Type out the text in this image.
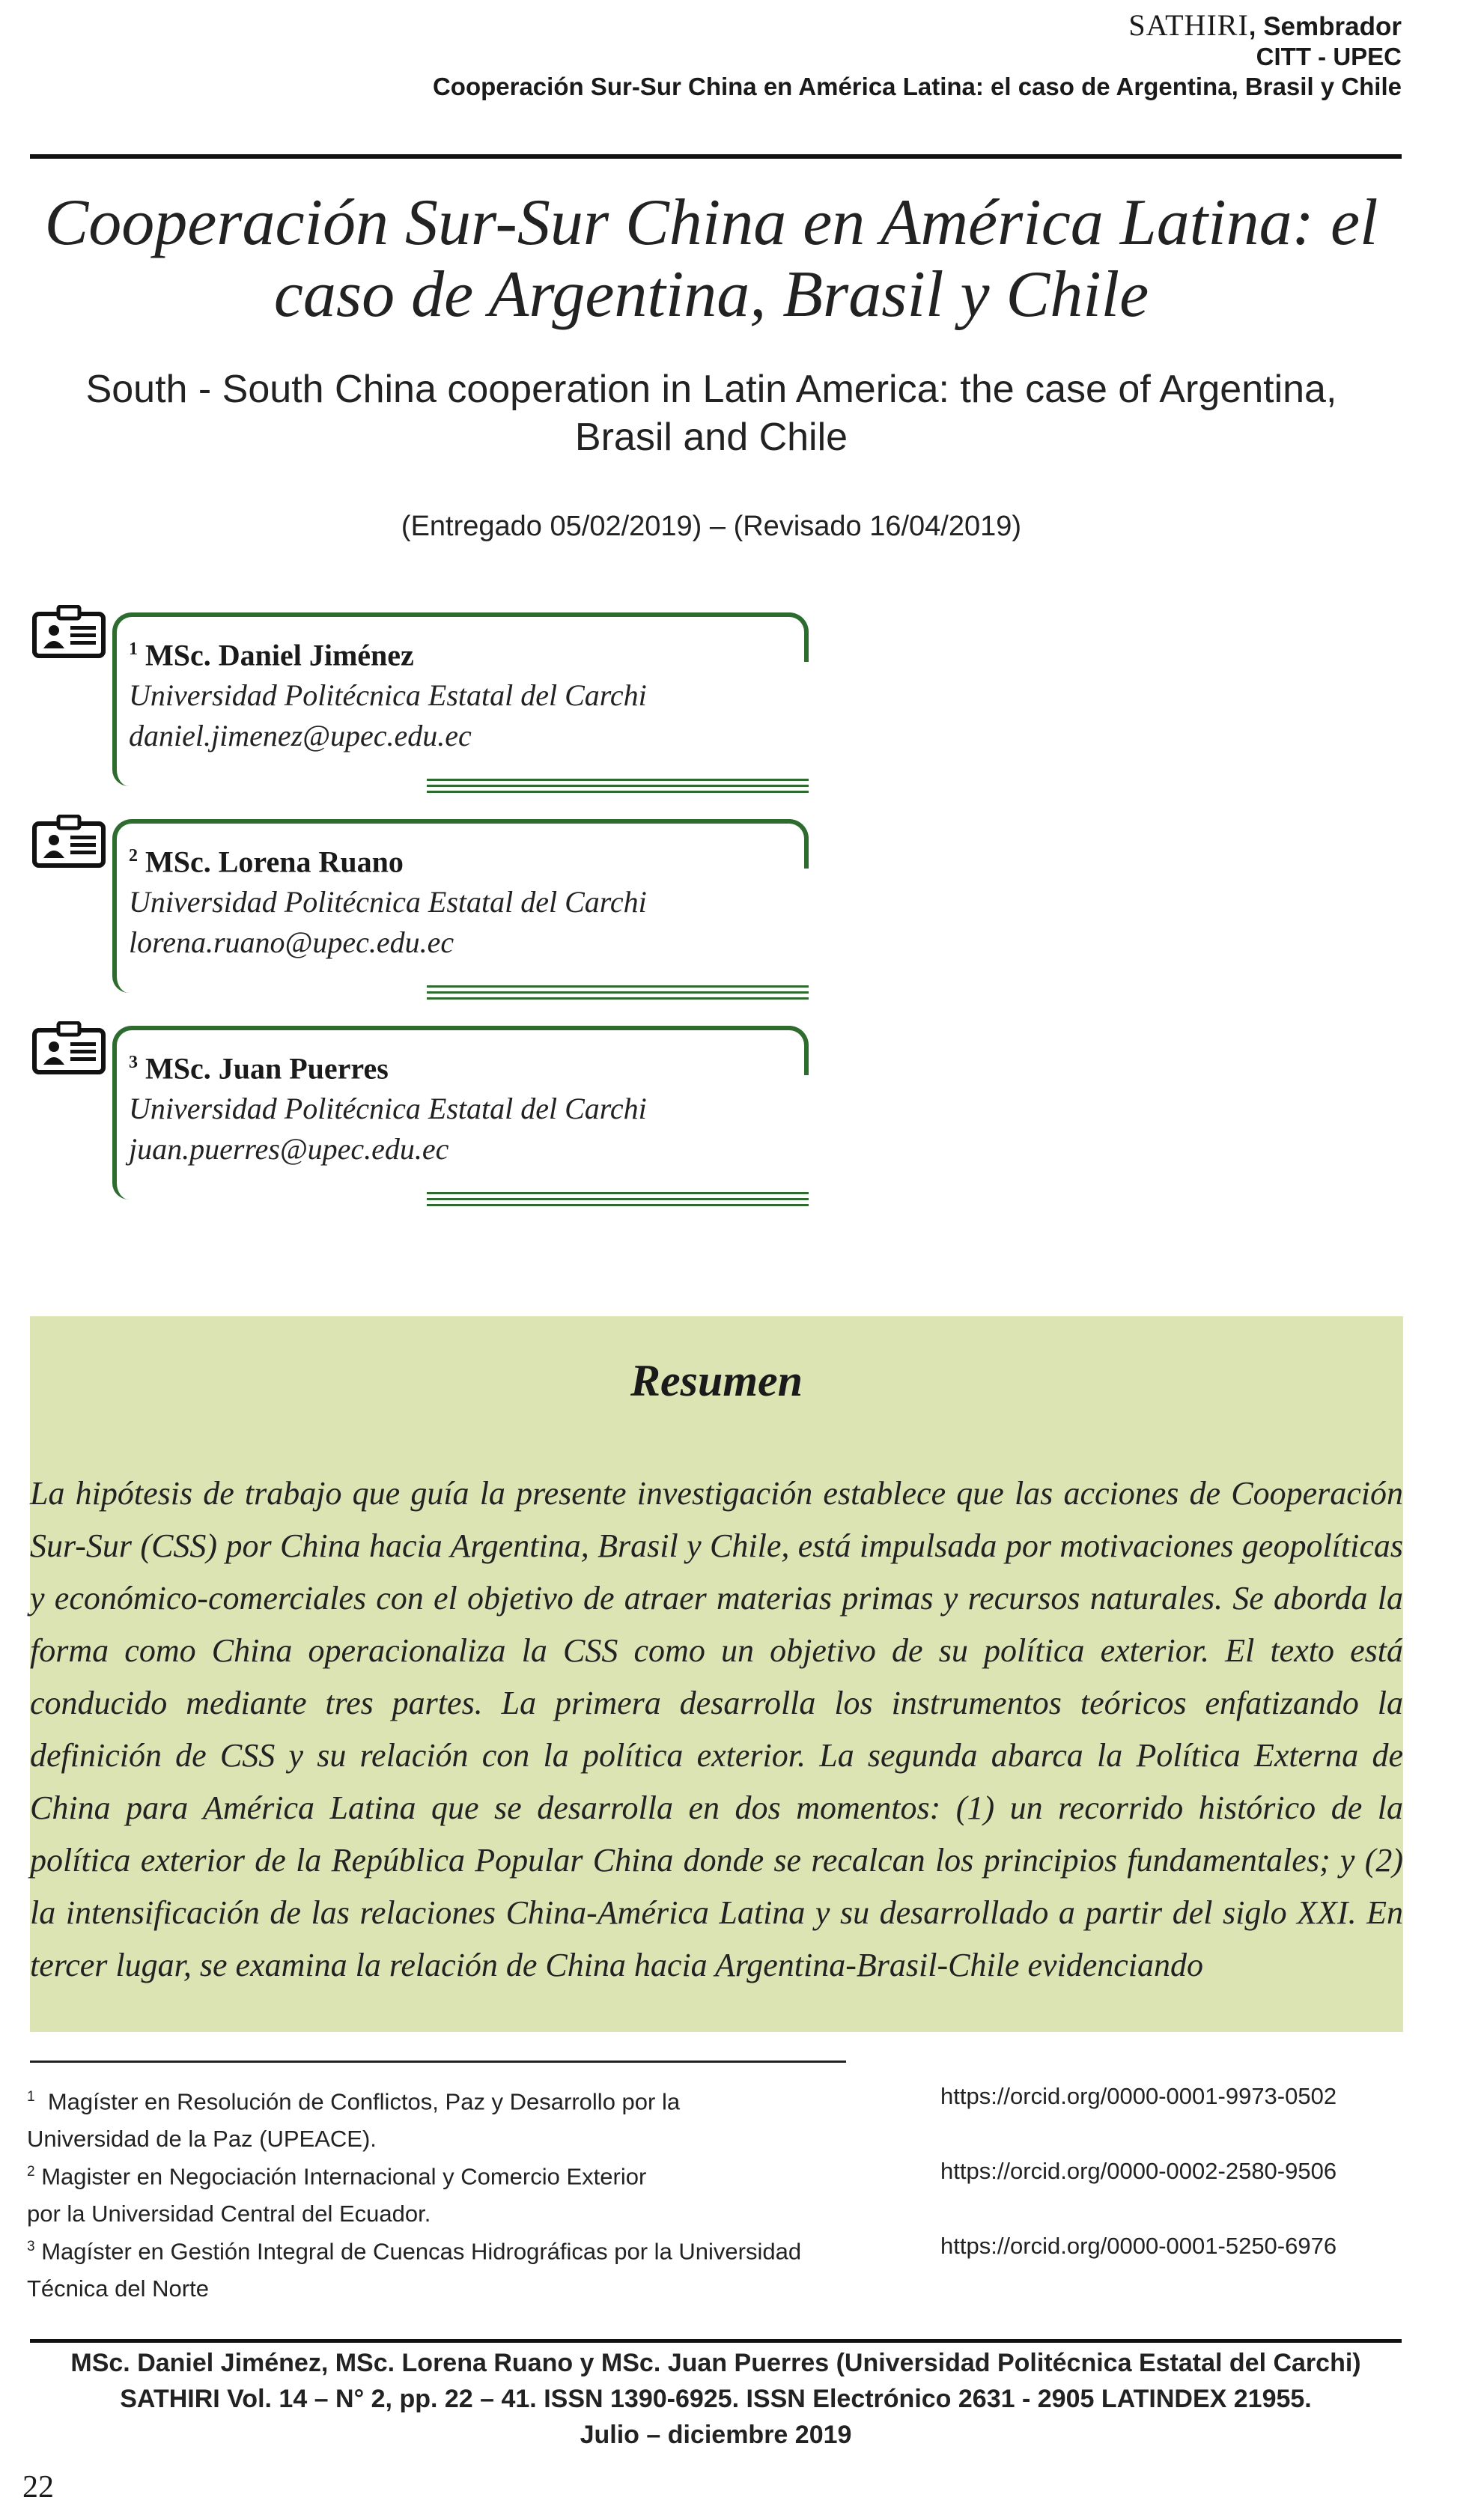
SATHIRI, Sembrador
CITT - UPEC
Cooperación Sur-Sur China en América Latina: el caso de Argentina, Brasil y Chile
Cooperación Sur-Sur China en América Latina: el
caso de Argentina, Brasil y Chile
South - South China cooperation in Latin America: the case of Argentina,
Brasil and Chile
(Entregado 05/02/2019) – (Revisado 16/04/2019)
$^1$ MSc. Daniel Jiménez
Universidad Politécnica Estatal del Carchi
daniel.jimenez@upec.edu.ec
$^2$ MSc. Lorena Ruano
Universidad Politécnica Estatal del Carchi
lorena.ruano@upec.edu.ec
$^3$ MSc. Juan Puerres
Universidad Politécnica Estatal del Carchi
juan.puerres@upec.edu.ec
Resumen
La hipótesis de trabajo que guía la presente investigación establece que las acciones de Cooperación Sur-Sur (CSS) por China hacia Argentina, Brasil y Chile, está impulsada por motivaciones geopolíticas y económico-comerciales con el objetivo de atraer materias primas y recursos naturales. Se aborda la forma como China operacionaliza la CSS como un objetivo de su política exterior. El texto está conducido mediante tres partes. La primera desarrolla los instrumentos teóricos enfatizando la definición de CSS y su relación con la política exterior. La segunda abarca la Política Externa de China para América Latina que se desarrolla en dos momentos: (1) un recorrido histórico de la política exterior de la República Popular China donde se recalcan los principios fundamentales; y (2) la intensificación de las relaciones China-América Latina y su desarrollado a partir del siglo XXI. En tercer lugar, se examina la relación de China hacia Argentina-Brasil-Chile evidenciando
$^1$ Magíster en Resolución de Conflictos, Paz y Desarrollo por la
Universidad de la Paz (UPEACE).
https://orcid.org/0000-0001-9973-0502
$^2$ Magister en Negociación Internacional y Comercio Exterior
por la Universidad Central del Ecuador.
https://orcid.org/0000-0002-2580-9506
$^3$ Magíster en Gestión Integral de Cuencas Hidrográficas por la Universidad
Técnica del Norte
https://orcid.org/0000-0001-5250-6976
MSc. Daniel Jiménez, MSc. Lorena Ruano y MSc. Juan Puerres (Universidad Politécnica Estatal del Carchi)
SATHIRI Vol. 14 – N° 2, pp. 22 – 41. ISSN 1390-6925. ISSN Electrónico 2631 - 2905 LATINDEX 21955.
Julio – diciembre 2019
22
